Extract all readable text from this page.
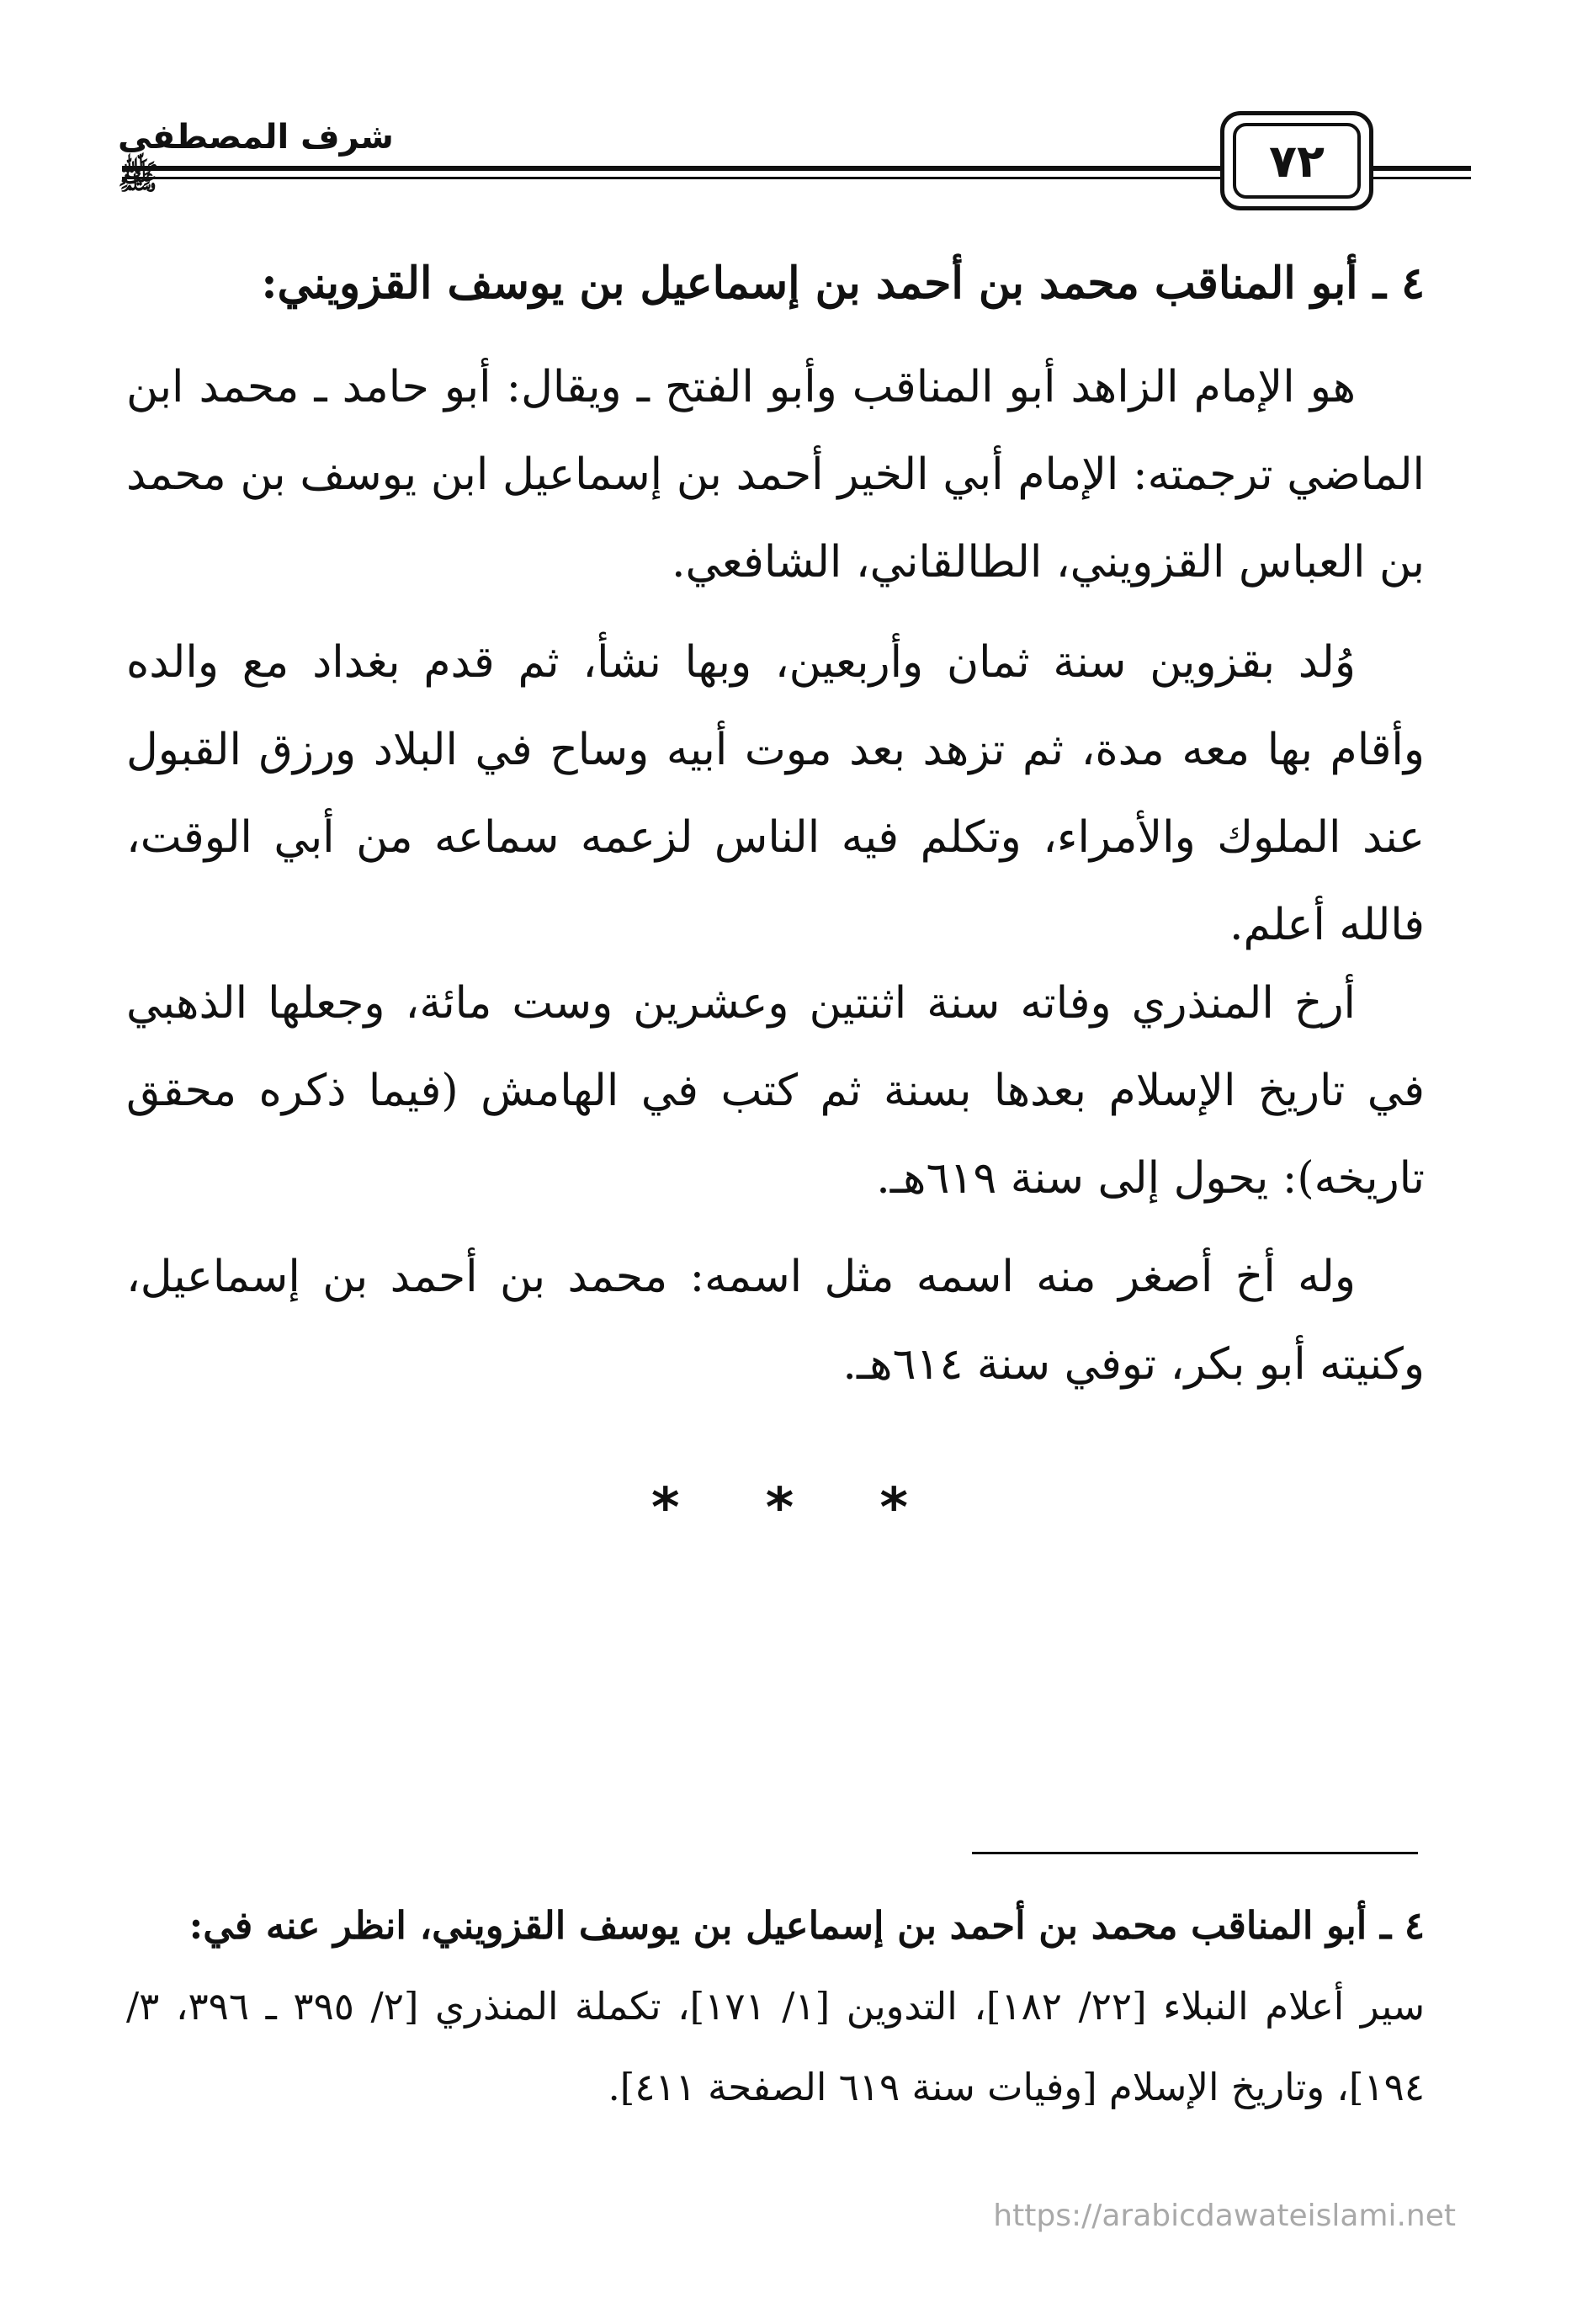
٧٢
شرف المصطفى ﷺ
٤ ـ أبو المناقب محمد بن أحمد بن إسماعيل بن يوسف القزويني:
هو الإمام الزاهد أبو المناقب وأبو الفتح ـ ويقال: أبو حامد ـ محمد ابن الماضي ترجمته: الإمام أبي الخير أحمد بن إسماعيل ابن يوسف بن محمد بن العباس القزويني، الطالقاني، الشافعي.
وُلد بقزوين سنة ثمان وأربعين، وبها نشأ، ثم قدم بغداد مع والده وأقام بها معه مدة، ثم تزهد بعد موت أبيه وساح في البلاد ورزق القبول عند الملوك والأمراء، وتكلم فيه الناس لزعمه سماعه من أبي الوقت، فالله أعلم.
أرخ المنذري وفاته سنة اثنتين وعشرين وست مائة، وجعلها الذهبي في تاريخ الإسلام بعدها بسنة ثم كتب في الهامش (فيما ذكره محقق تاريخه): يحول إلى سنة ٦١٩هـ.
وله أخ أصغر منه اسمه مثل اسمه: محمد بن أحمد بن إسماعيل، وكنيته أبو بكر، توفي سنة ٦١٤هـ.
* * *
٤ ـ أبو المناقب محمد بن أحمد بن إسماعيل بن يوسف القزويني، انظر عنه في:
سير أعلام النبلاء [٢٢/ ١٨٢]، التدوين [١/ ١٧١]، تكملة المنذري [٢/ ٣٩٥ ـ ٣٩٦، ٣/ ١٩٤]، وتاريخ الإسلام [وفيات سنة ٦١٩ الصفحة ٤١١].
https://arabicdawateislami.net
